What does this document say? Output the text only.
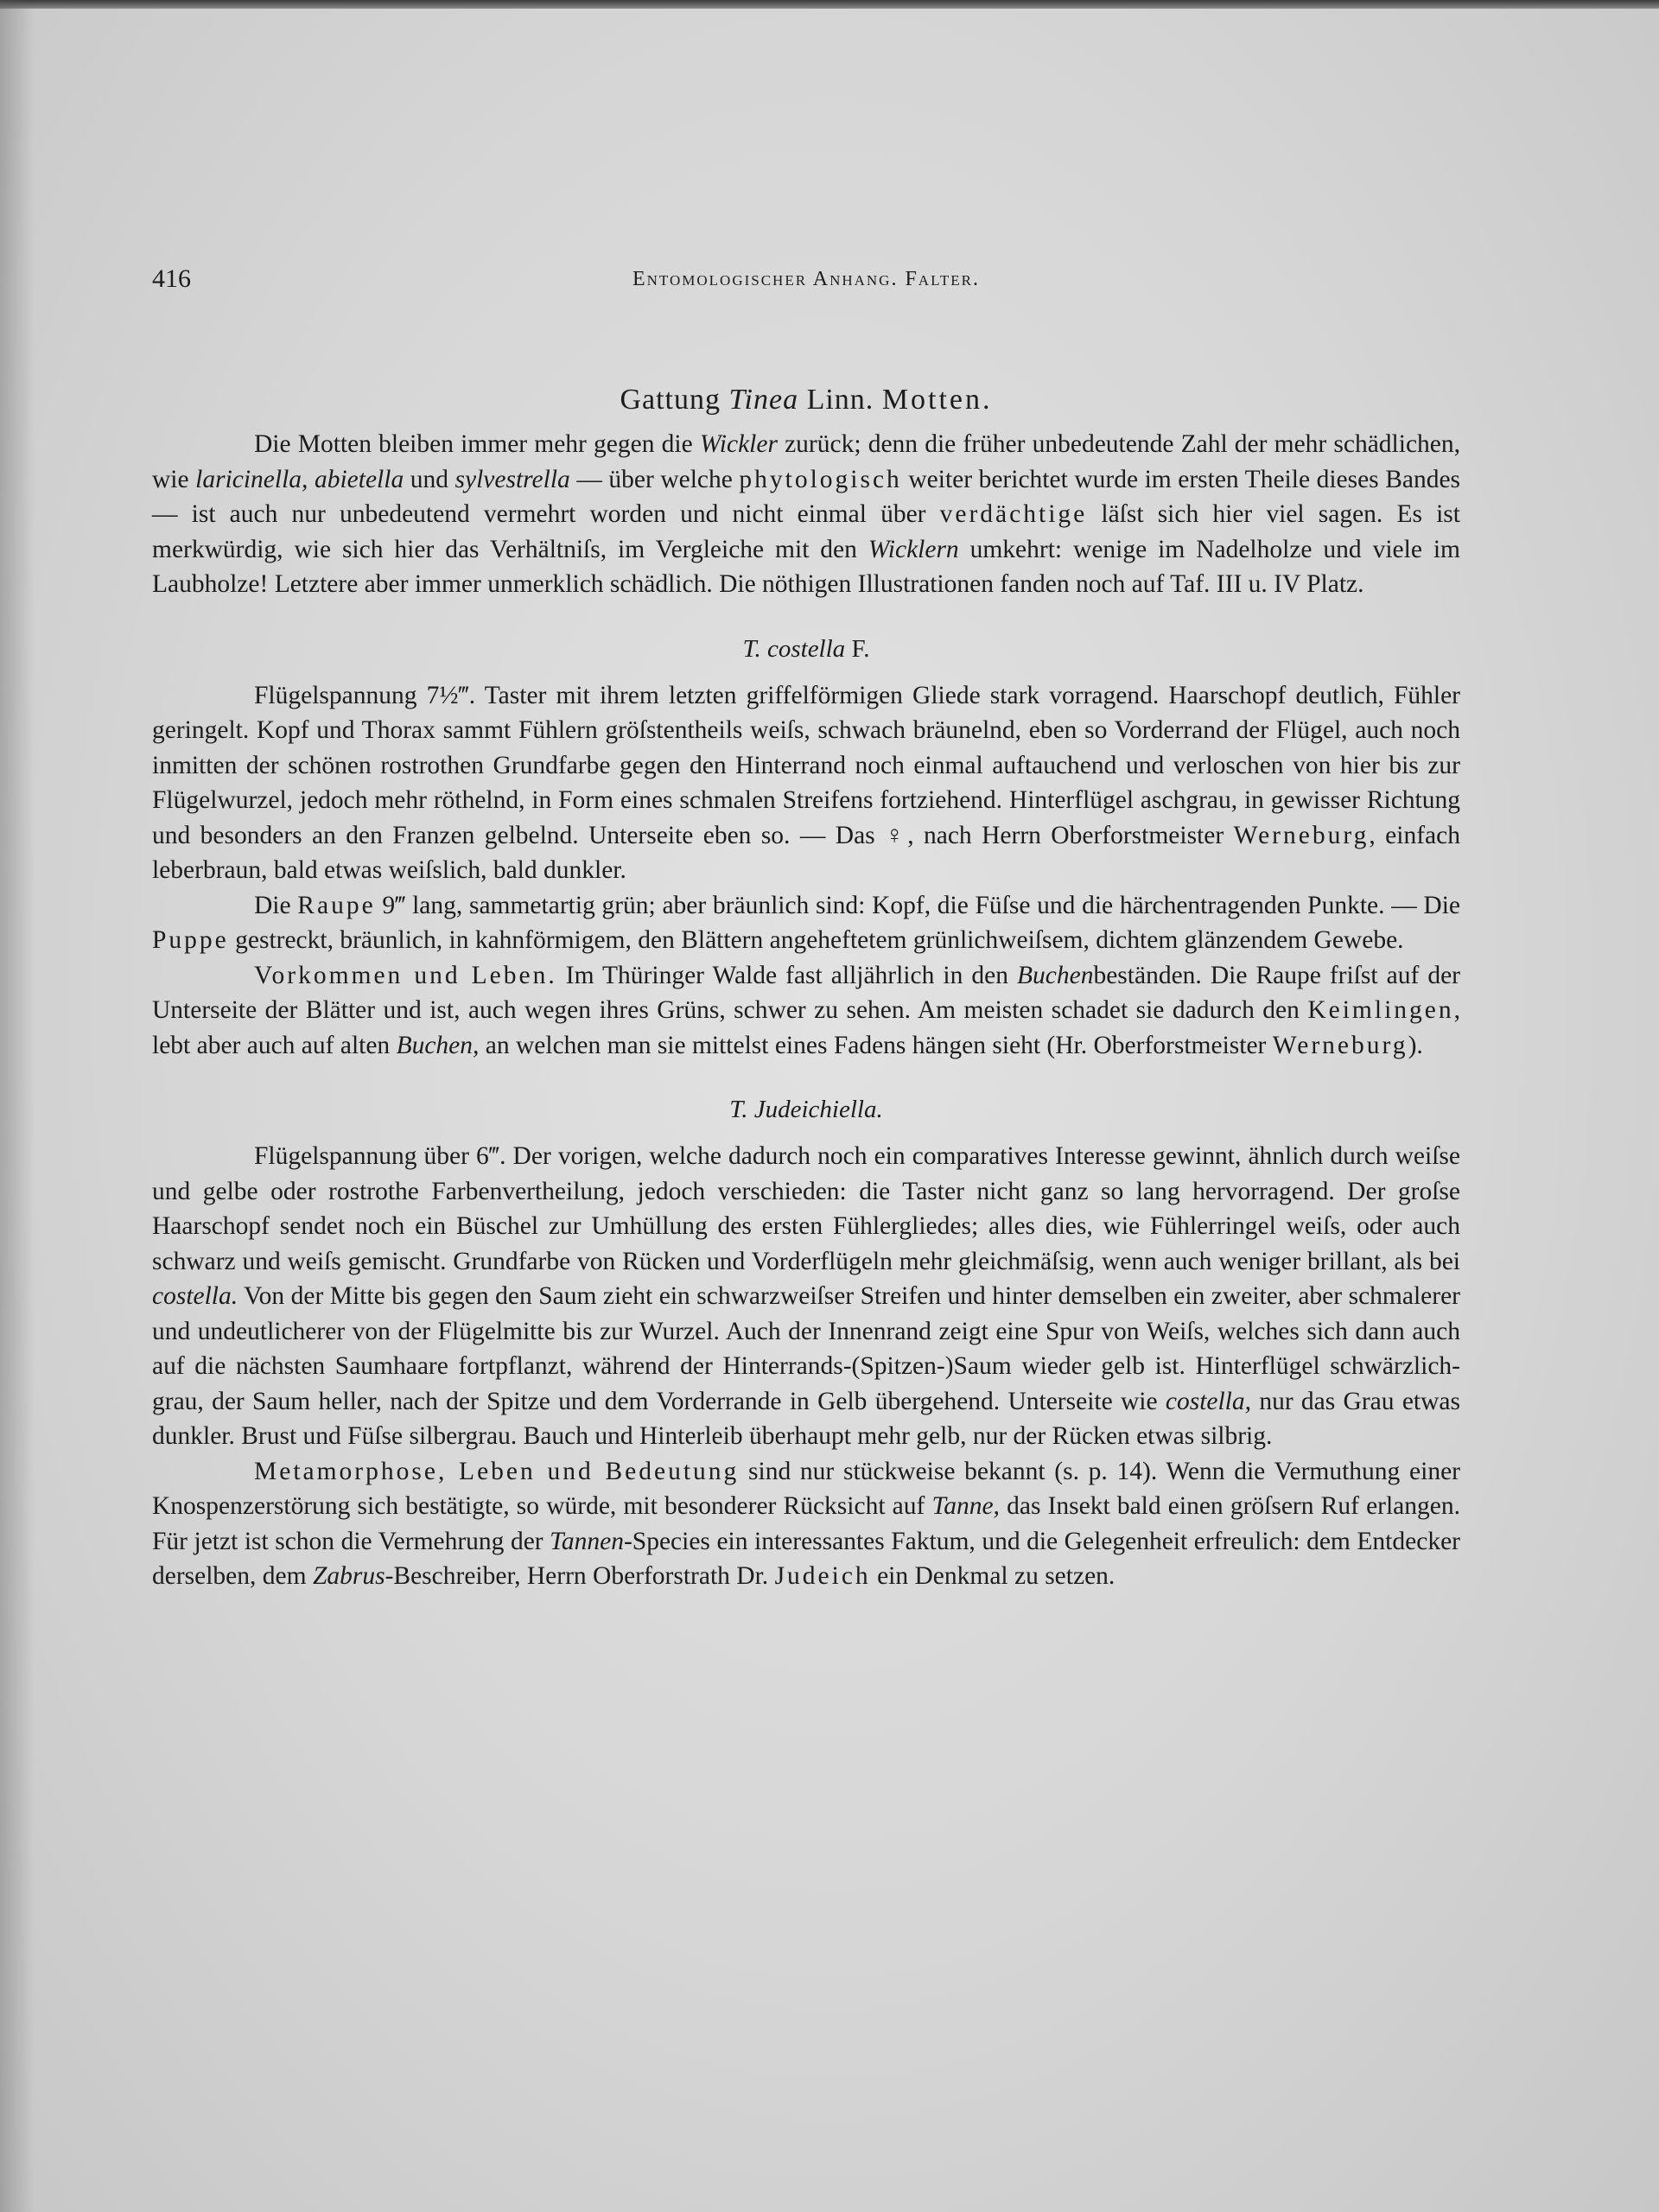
416	Entomologischer Anhang. Falter.
Gattung Tinea Linn. Motten.

Die Motten bleiben immer mehr gegen die Wickler zurück; denn die früher unbedeutende Zahl der mehr schädlichen, wie laricinella, abietella und sylvestrella — über welche phytologisch weiter berichtet wurde im ersten Theile dieses Bandes — ist auch nur unbedeutend vermehrt worden und nicht einmal über verdächtige läſst sich hier viel sagen. Es ist merkwürdig, wie sich hier das Verhältniſs, im Vergleiche mit den Wicklern umkehrt: wenige im Nadelholze und viele im Laubholze! Letztere aber immer unmerklich schädlich. Die nöthigen Illustrationen fanden noch auf Taf. III u. IV Platz.

T. costella F.

Flügelspannung 7½‴. Taster mit ihrem letzten griffelförmigen Gliede stark vorragend. Haarschopf deutlich, Fühler geringelt. Kopf und Thorax sammt Fühlern gröſstentheils weiſs, schwach bräunelnd, eben so Vorderrand der Flügel, auch noch inmitten der schönen rostrothen Grundfarbe gegen den Hinterrand noch einmal auftauchend und verloschen von hier bis zur Flügelwurzel, jedoch mehr röthelnd, in Form eines schmalen Streifens fortziehend. Hinterflügel aschgrau, in gewisser Richtung und besonders an den Franzen gelbelnd. Unterseite eben so. — Das ♀, nach Herrn Oberforstmeister Werneburg, einfach leberbraun, bald etwas weiſslich, bald dunkler.

Die Raupe 9‴ lang, sammetartig grün; aber bräunlich sind: Kopf, die Füſse und die härchentragenden Punkte. — Die Puppe gestreckt, bräunlich, in kahnförmigem, den Blättern angeheftetem grünlichweiſsem, dichtem glänzendem Gewebe.

Vorkommen und Leben. Im Thüringer Walde fast alljährlich in den Buchenbeständen. Die Raupe friſst auf der Unterseite der Blätter und ist, auch wegen ihres Grüns, schwer zu sehen. Am meisten schadet sie dadurch den Keimlingen, lebt aber auch auf alten Buchen, an welchen man sie mittelst eines Fadens hängen sieht (Hr. Oberforstmeister Werneburg).

T. Judeichiella.

Flügelspannung über 6‴. Der vorigen, welche dadurch noch ein comparatives Interesse gewinnt, ähnlich durch weiſse und gelbe oder rostrothe Farbenvertheilung, jedoch verschieden: die Taster nicht ganz so lang hervorragend. Der groſse Haarschopf sendet noch ein Büschel zur Umhüllung des ersten Fühlergliedes; alles dies, wie Fühlerringel weiſs, oder auch schwarz und weiſs gemischt. Grundfarbe von Rücken und Vorderflügeln mehr gleichmäſsig, wenn auch weniger brillant, als bei costella. Von der Mitte bis gegen den Saum zieht ein schwarzweiſser Streifen und hinter demselben ein zweiter, aber schmalerer und undeutlicherer von der Flügelmitte bis zur Wurzel. Auch der Innenrand zeigt eine Spur von Weiſs, welches sich dann auch auf die nächsten Saumhaare fortpflanzt, während der Hinterrands-(Spitzen-)Saum wieder gelb ist. Hinterflügel schwärzlich-grau, der Saum heller, nach der Spitze und dem Vorderrande in Gelb übergehend. Unterseite wie costella, nur das Grau etwas dunkler. Brust und Füſse silbergrau. Bauch und Hinterleib überhaupt mehr gelb, nur der Rücken etwas silbrig.

Metamorphose, Leben und Bedeutung sind nur stückweise bekannt (s. p. 14). Wenn die Vermuthung einer Knospenzerstörung sich bestätigte, so würde, mit besonderer Rücksicht auf Tanne, das Insekt bald einen gröſsern Ruf erlangen. Für jetzt ist schon die Vermehrung der Tannen-Species ein interessantes Faktum, und die Gelegenheit erfreulich: dem Entdecker derselben, dem Zabrus-Beschreiber, Herrn Oberforstrath Dr. Judeich ein Denkmal zu setzen.
